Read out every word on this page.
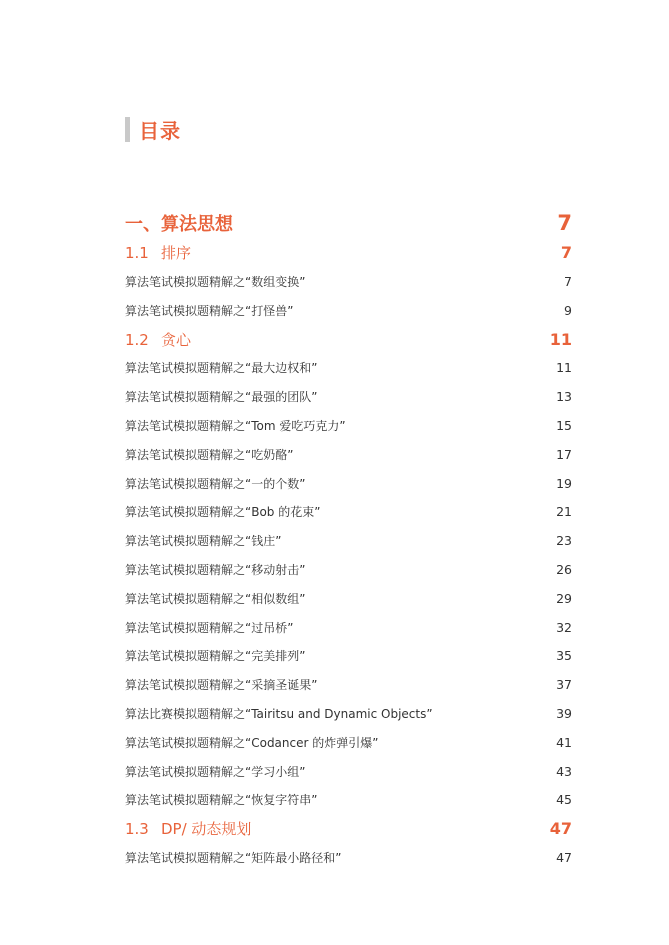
目录
一、算法思想	7
1.1 排序	7
算法笔试模拟题精解之“数组变换”	7
算法笔试模拟题精解之“打怪兽”	9
1.2 贪心	11
算法笔试模拟题精解之“最大边权和”	11
算法笔试模拟题精解之“最强的团队”	13
算法笔试模拟题精解之“Tom 爱吃巧克力”	15
算法笔试模拟题精解之“吃奶酪”	17
算法笔试模拟题精解之“一的个数”	19
算法笔试模拟题精解之“Bob 的花束”	21
算法笔试模拟题精解之“钱庄”	23
算法笔试模拟题精解之“移动射击”	26
算法笔试模拟题精解之“相似数组”	29
算法笔试模拟题精解之“过吊桥”	32
算法笔试模拟题精解之“完美排列”	35
算法笔试模拟题精解之“采摘圣诞果”	37
算法比赛模拟题精解之“Tairitsu and Dynamic Objects”	39
算法笔试模拟题精解之“Codancer 的炸弹引爆”	41
算法笔试模拟题精解之“学习小组”	43
算法笔试模拟题精解之“恢复字符串”	45
1.3 DP/ 动态规划	47
算法笔试模拟题精解之“矩阵最小路径和”	47
